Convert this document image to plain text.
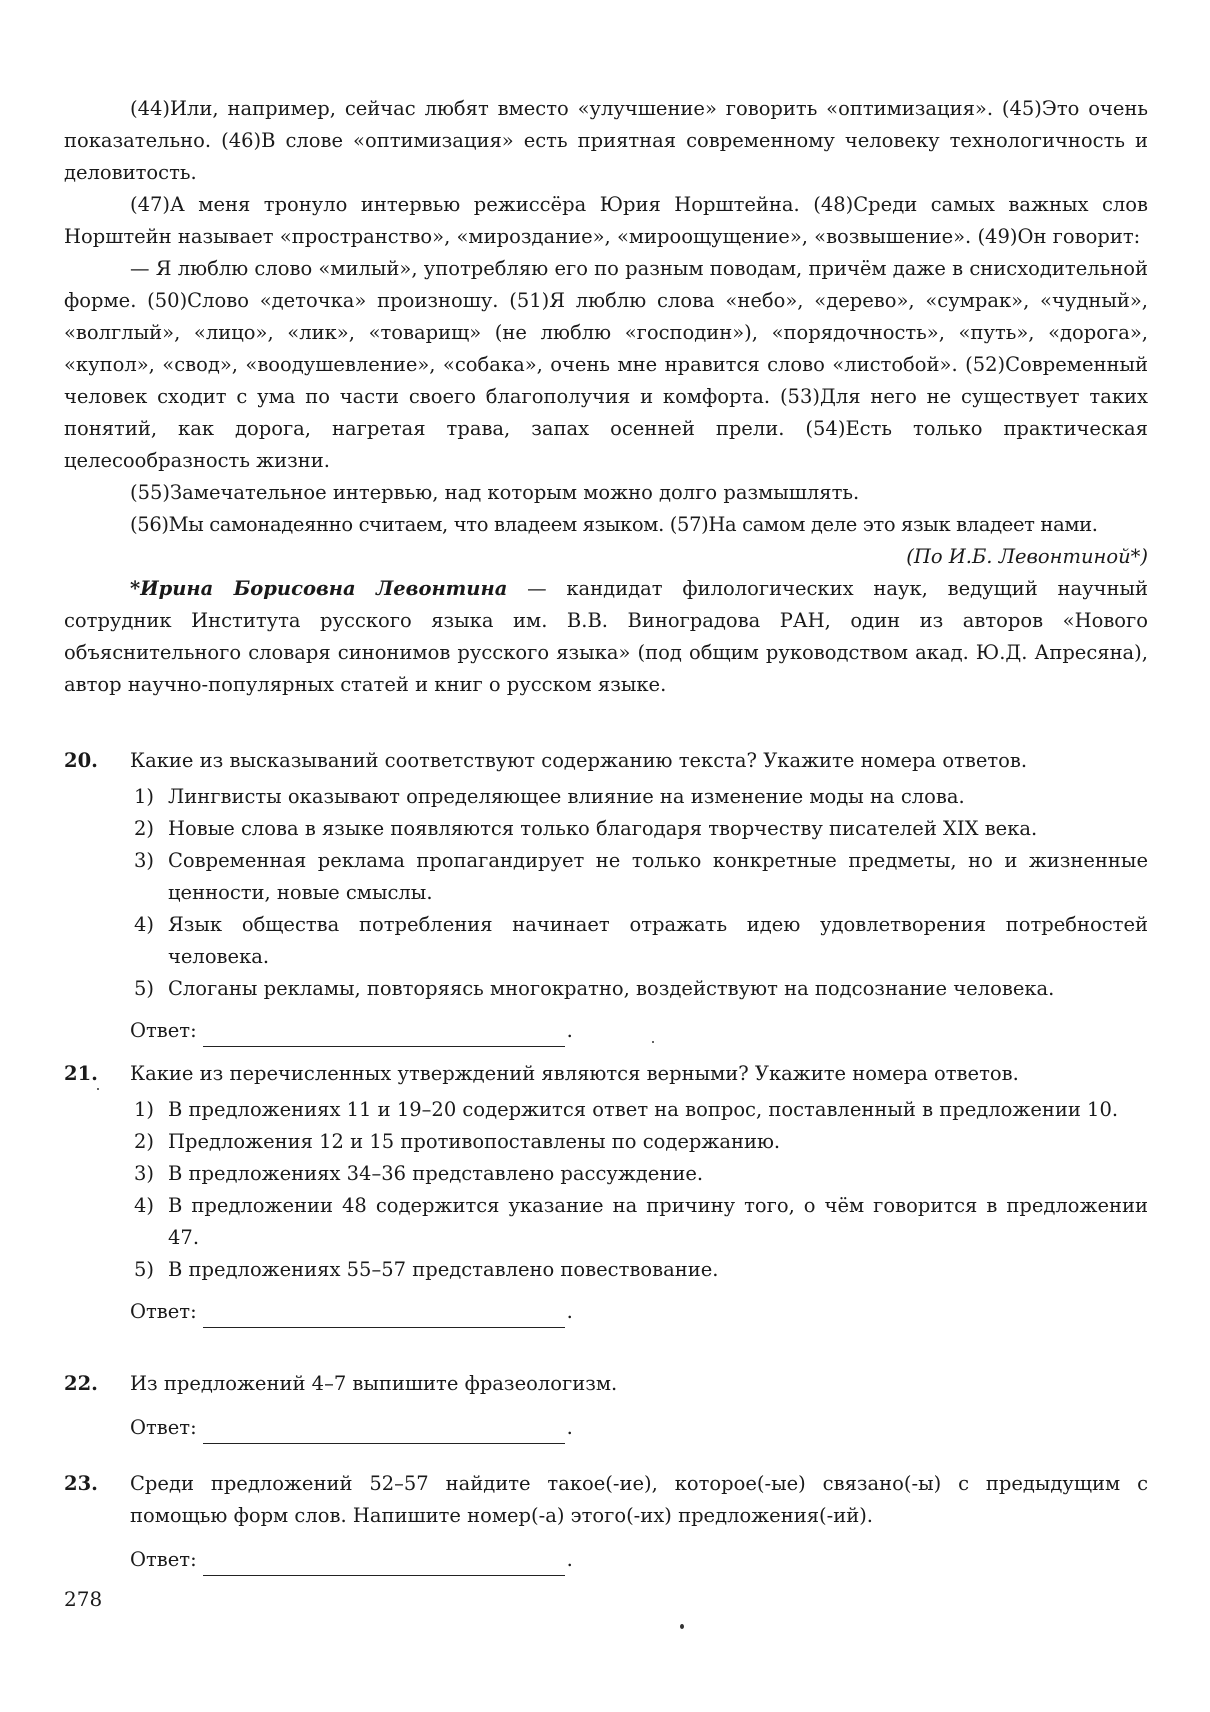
(44)Или, например, сейчас любят вместо «улучшение» говорить «оптимизация». (45)Это очень показательно. (46)В слове «оптимизация» есть приятная современному человеку технологичность и деловитость.

(47)А меня тронуло интервью режиссёра Юрия Норштейна. (48)Среди самых важных слов Норштейн называет «пространство», «мироздание», «мироощущение», «возвышение». (49)Он говорит:

— Я люблю слово «милый», употребляю его по разным поводам, причём даже в снисходительной форме. (50)Слово «деточка» произношу. (51)Я люблю слова «небо», «дерево», «сумрак», «чудный», «волглый», «лицо», «лик», «товарищ» (не люблю «господин»), «порядочность», «путь», «дорога», «купол», «свод», «воодушевление», «собака», очень мне нравится слово «листобой». (52)Современный человек сходит с ума по части своего благополучия и комфорта. (53)Для него не существует таких понятий, как дорога, нагретая трава, запах осенней прели. (54)Есть только практическая целесообразность жизни.

(55)Замечательное интервью, над которым можно долго размышлять.

(56)Мы самонадеянно считаем, что владеем языком. (57)На самом деле это язык владеет нами.

(По И.Б. Левонтиной*)

*Ирина Борисовна Левонтина — кандидат филологических наук, ведущий научный сотрудник Института русского языка им. В.В. Виноградова РАН, один из авторов «Нового объяснительного словаря синонимов русского языка» (под общим руководством акад. Ю.Д. Апресяна), автор научно-популярных статей и книг о русском языке.

20. Какие из высказываний соответствуют содержанию текста? Укажите номера ответов.

1) Лингвисты оказывают определяющее влияние на изменение моды на слова.
2) Новые слова в языке появляются только благодаря творчеству писателей XIX века.
3) Современная реклама пропагандирует не только конкретные предметы, но и жизненные ценности, новые смыслы.
4) Язык общества потребления начинает отражать идею удовлетворения потребностей человека.
5) Слоганы рекламы, повторяясь многократно, воздействуют на подсознание человека.
Ответ:	.
21. Какие из перечисленных утверждений являются верными? Укажите номера ответов.

1) В предложениях 11 и 19–20 содержится ответ на вопрос, поставленный в предложении 10.
2) Предложения 12 и 15 противопоставлены по содержанию.
3) В предложениях 34–36 представлено рассуждение.
4) В предложении 48 содержится указание на причину того, о чём говорится в предложении 47.
5) В предложениях 55–57 представлено повествование.
Ответ:	.
22. Из предложений 4–7 выпишите фразеологизм.

Ответ:	.
23. Среди предложений 52–57 найдите такое(-ие), которое(-ые) связано(-ы) с предыдущим с помощью форм слов. Напишите номер(-а) этого(-их) предложения(-ий).

Ответ:	.
278
